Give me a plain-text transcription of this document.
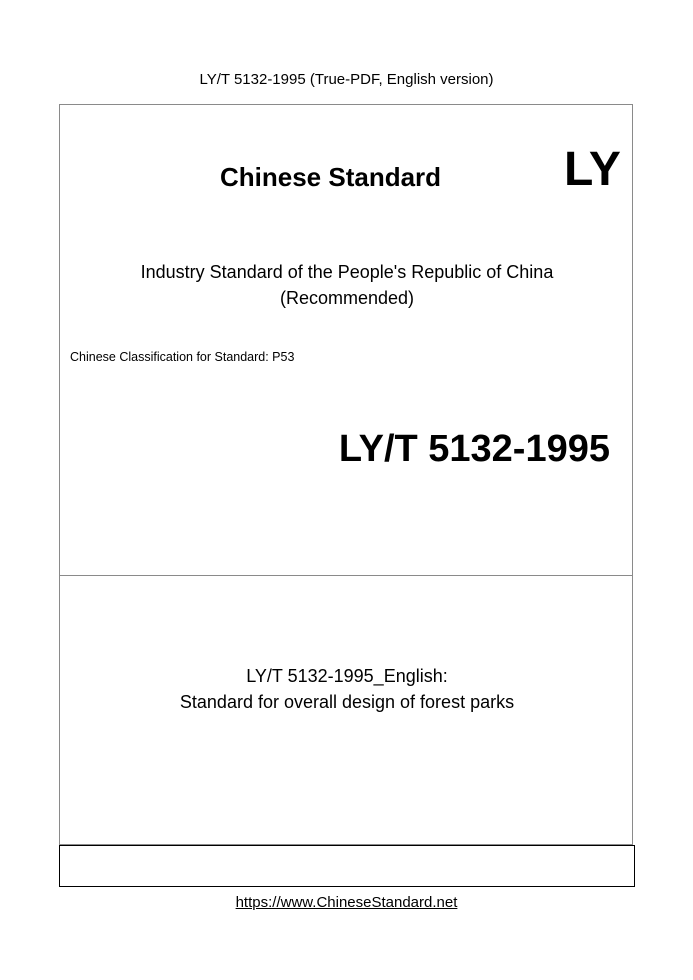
LY/T 5132-1995 (True-PDF, English version)
Chinese Standard	LY
Industry Standard of the People's Republic of China
(Recommended)
Chinese Classification for Standard: P53
LY/T 5132-1995
LY/T 5132-1995_English:
Standard for overall design of forest parks
https://www.ChineseStandard.net
